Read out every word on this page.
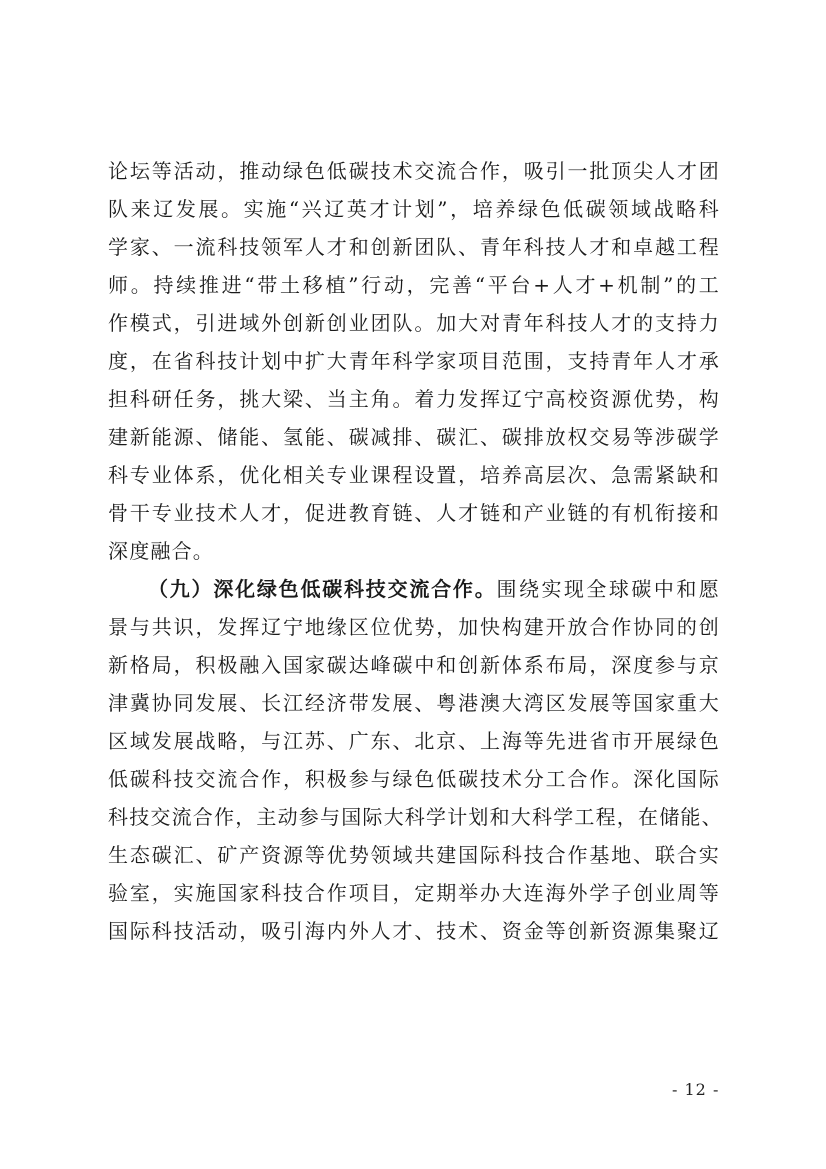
论坛等活动，推动绿色低碳技术交流合作，吸引一批顶尖人才团
队来辽发展。实施“兴辽英才计划”，培养绿色低碳领域战略科
学家、一流科技领军人才和创新团队、青年科技人才和卓越工程
师。持续推进“带土移植”行动，完善“平台+人才+机制”的工
作模式，引进域外创新创业团队。加大对青年科技人才的支持力
度，在省科技计划中扩大青年科学家项目范围，支持青年人才承
担科研任务，挑大梁、当主角。着力发挥辽宁高校资源优势，构
建新能源、储能、氢能、碳减排、碳汇、碳排放权交易等涉碳学
科专业体系，优化相关专业课程设置，培养高层次、急需紧缺和
骨干专业技术人才，促进教育链、人才链和产业链的有机衔接和
深度融合。
（九）深化绿色低碳科技交流合作。围绕实现全球碳中和愿
景与共识，发挥辽宁地缘区位优势，加快构建开放合作协同的创
新格局，积极融入国家碳达峰碳中和创新体系布局，深度参与京
津冀协同发展、长江经济带发展、粤港澳大湾区发展等国家重大
区域发展战略，与江苏、广东、北京、上海等先进省市开展绿色
低碳科技交流合作，积极参与绿色低碳技术分工合作。深化国际
科技交流合作，主动参与国际大科学计划和大科学工程，在储能、
生态碳汇、矿产资源等优势领域共建国际科技合作基地、联合实
验室，实施国家科技合作项目，定期举办大连海外学子创业周等
国际科技活动，吸引海内外人才、技术、资金等创新资源集聚辽
- 12 -
